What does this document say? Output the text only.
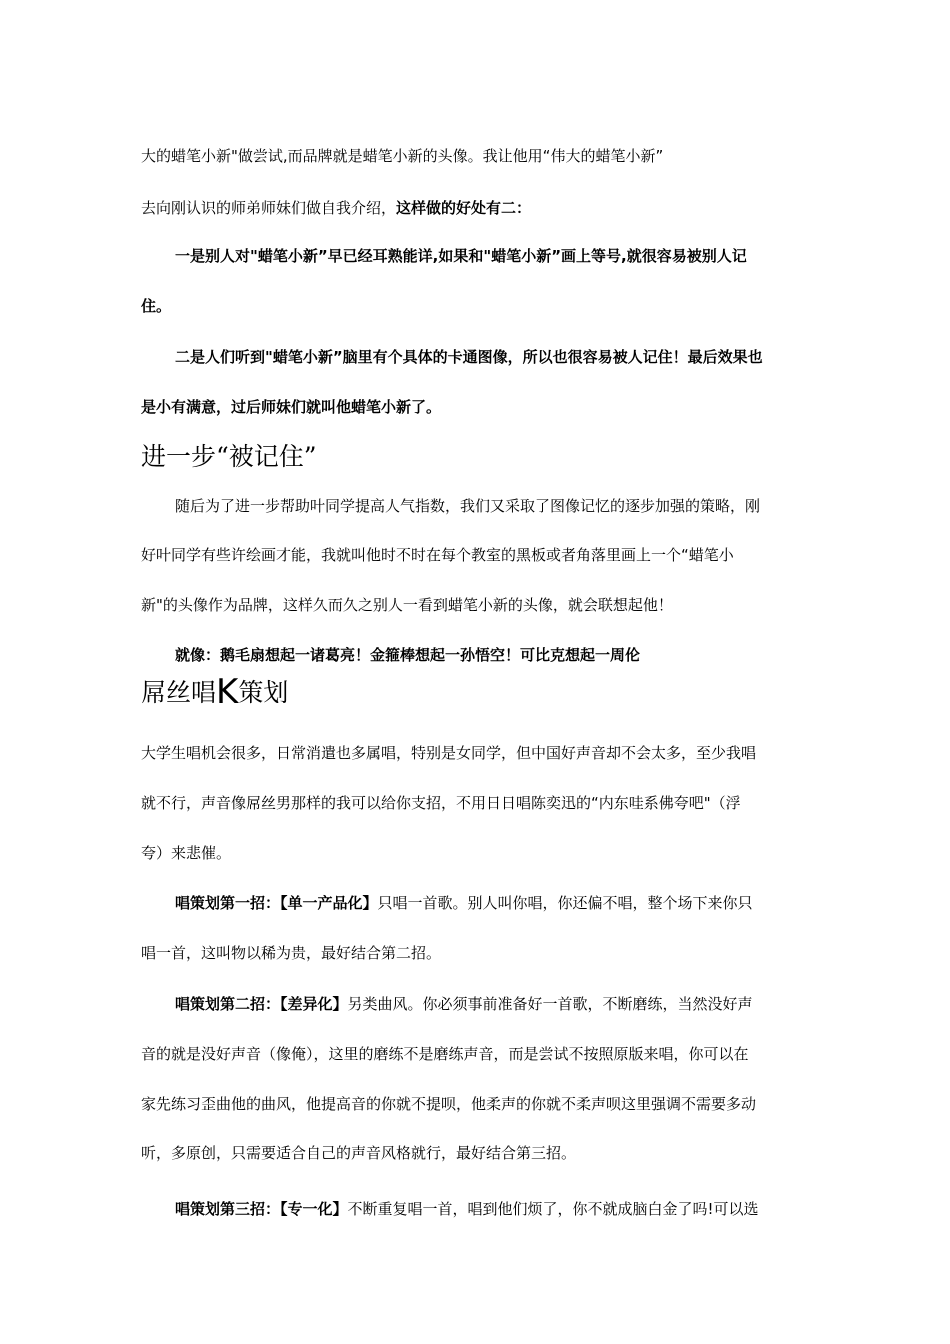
大的蜡笔小新"做尝试,而品牌就是蜡笔小新的头像。我让他用“伟大的蜡笔小新”
去向刚认识的师弟师妹们做自我介绍，这样做的好处有二：
一是别人对"蜡笔小新”早已经耳熟能详,如果和"蜡笔小新”画上等号,就很容易被别人记
住。
二是人们听到"蜡笔小新”脑里有个具体的卡通图像，所以也很容易被人记住！最后效果也
是小有满意，过后师妹们就叫他蜡笔小新了。
进一步“被记住”
随后为了进一步帮助叶同学提高人气指数，我们又采取了图像记忆的逐步加强的策略，刚
好叶同学有些许绘画才能，我就叫他时不时在每个教室的黑板或者角落里画上一个“蜡笔小
新"的头像作为品牌，这样久而久之别人一看到蜡笔小新的头像，就会联想起他！
就像：鹅毛扇想起一诸葛亮！金箍棒想起一孙悟空！可比克想起一周伦
屌丝唱K策划
大学生唱机会很多，日常消遣也多属唱，特别是女同学，但中国好声音却不会太多，至少我唱
就不行，声音像屌丝男那样的我可以给你支招，不用日日唱陈奕迅的“内东哇系佛夸吧"（浮
夸）来悲催。
唱策划第一招：【单一产品化】只唱一首歌。别人叫你唱，你还偏不唱，整个场下来你只
唱一首，这叫物以稀为贵，最好结合第二招。
唱策划第二招：【差异化】另类曲风。你必须事前准备好一首歌，不断磨练，当然没好声
音的就是没好声音（像俺），这里的磨练不是磨练声音，而是尝试不按照原版来唱，你可以在
家先练习歪曲他的曲风，他提高音的你就不提呗，他柔声的你就不柔声呗这里强调不需要多动
听，多原创，只需要适合自己的声音风格就行，最好结合第三招。
唱策划第三招：【专一化】不断重复唱一首，唱到他们烦了，你不就成脑白金了吗!可以选
